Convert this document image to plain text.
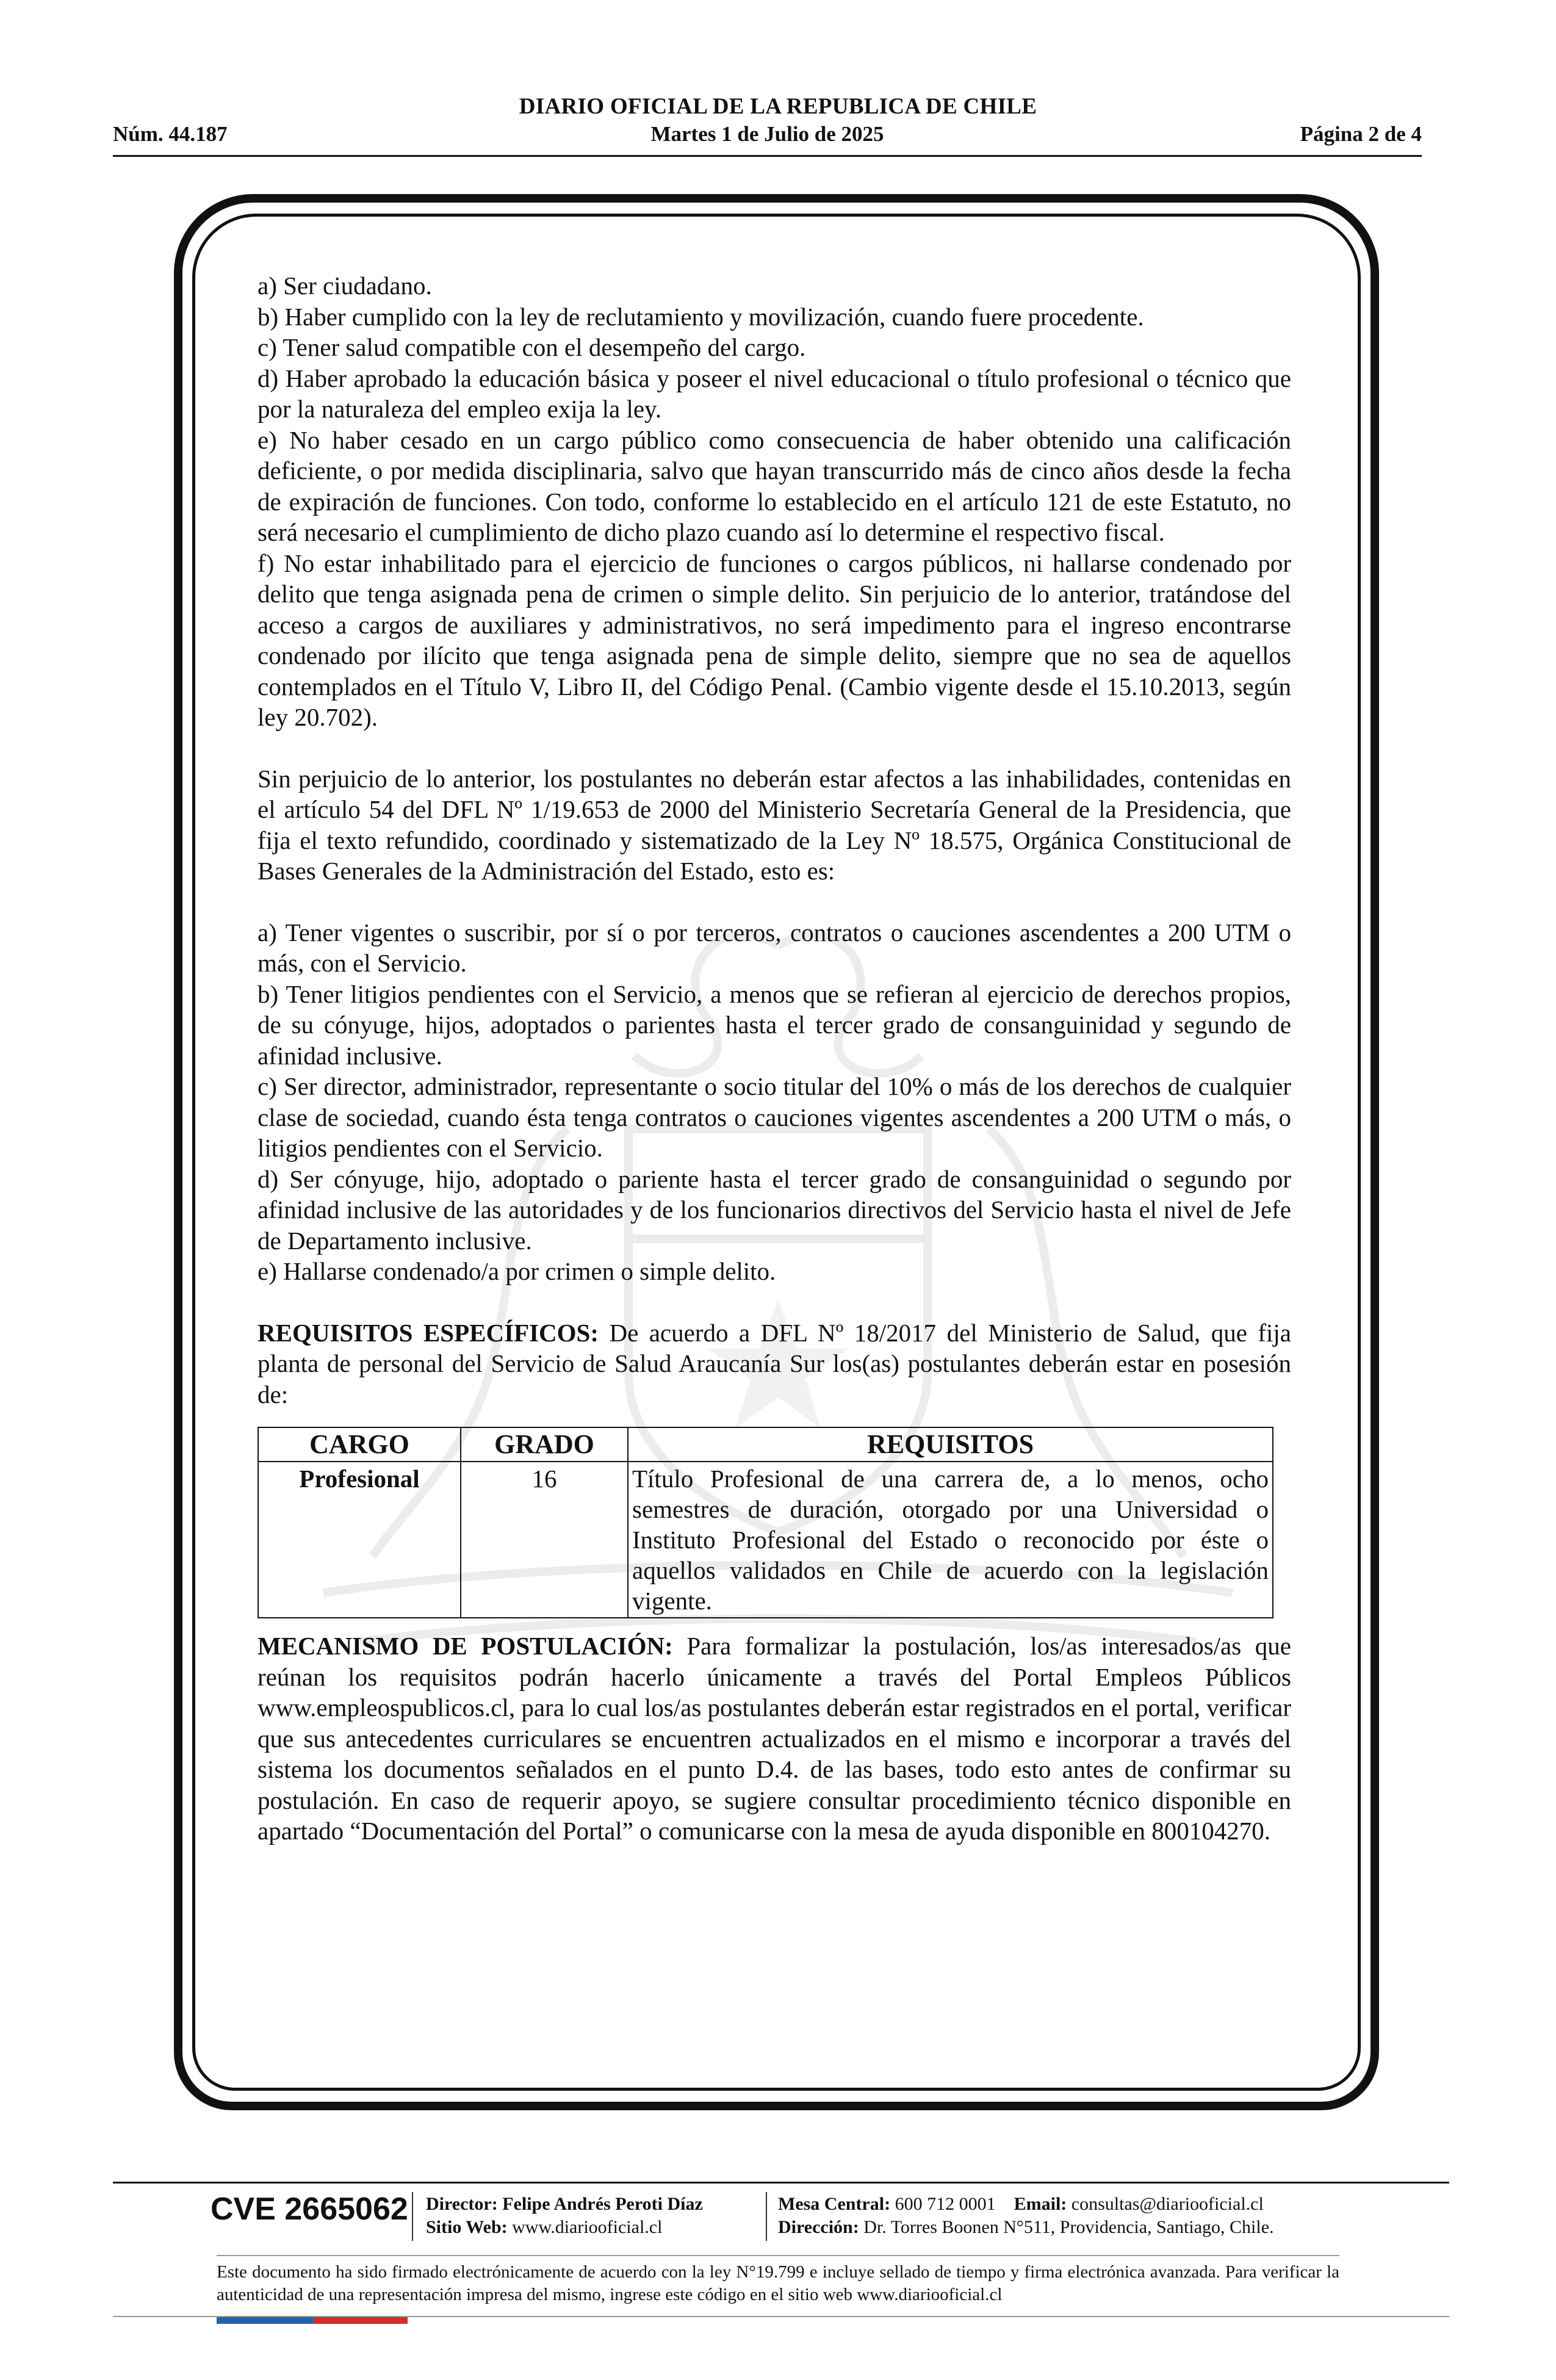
DIARIO OFICIAL DE LA REPUBLICA DE CHILE
Núm. 44.187	Martes 1 de Julio de 2025	Página 2 de 4

a) Ser ciudadano.

b) Haber cumplido con la ley de reclutamiento y movilización, cuando fuere procedente.

c) Tener salud compatible con el desempeño del cargo.

d) Haber aprobado la educación básica y poseer el nivel educacional o título profesional o técnico que por la naturaleza del empleo exija la ley.

e) No haber cesado en un cargo público como consecuencia de haber obtenido una calificación deficiente, o por medida disciplinaria, salvo que hayan transcurrido más de cinco años desde la fecha de expiración de funciones. Con todo, conforme lo establecido en el artículo 121 de este Estatuto, no será necesario el cumplimiento de dicho plazo cuando así lo determine el respectivo fiscal.

f) No estar inhabilitado para el ejercicio de funciones o cargos públicos, ni hallarse condenado por delito que tenga asignada pena de crimen o simple delito. Sin perjuicio de lo anterior, tratándose del acceso a cargos de auxiliares y administrativos, no será impedimento para el ingreso encontrarse condenado por ilícito que tenga asignada pena de simple delito, siempre que no sea de aquellos contemplados en el Título V, Libro II, del Código Penal. (Cambio vigente desde el 15.10.2013, según ley 20.702).

Sin perjuicio de lo anterior, los postulantes no deberán estar afectos a las inhabilidades, contenidas en el artículo 54 del DFL Nº 1/19.653 de 2000 del Ministerio Secretaría General de la Presidencia, que fija el texto refundido, coordinado y sistematizado de la Ley Nº 18.575, Orgánica Constitucional de Bases Generales de la Administración del Estado, esto es:

a) Tener vigentes o suscribir, por sí o por terceros, contratos o cauciones ascendentes a 200 UTM o más, con el Servicio.

b) Tener litigios pendientes con el Servicio, a menos que se refieran al ejercicio de derechos propios, de su cónyuge, hijos, adoptados o parientes hasta el tercer grado de consanguinidad y segundo de afinidad inclusive.

c) Ser director, administrador, representante o socio titular del 10% o más de los derechos de cualquier clase de sociedad, cuando ésta tenga contratos o cauciones vigentes ascendentes a 200 UTM o más, o litigios pendientes con el Servicio.

d) Ser cónyuge, hijo, adoptado o pariente hasta el tercer grado de consanguinidad o segundo por afinidad inclusive de las autoridades y de los funcionarios directivos del Servicio hasta el nivel de Jefe de Departamento inclusive.

e) Hallarse condenado/a por crimen o simple delito.

REQUISITOS ESPECÍFICOS: De acuerdo a DFL Nº 18/2017 del Ministerio de Salud, que fija planta de personal del Servicio de Salud Araucanía Sur los(as) postulantes deberán estar en posesión de:

CARGO	GRADO	REQUISITOS
Profesional	16	Título Profesional de una carrera de, a lo menos, ocho semestres de duración, otorgado por una Universidad o Instituto Profesional del Estado o reconocido por éste o aquellos validados en Chile de acuerdo con la legislación vigente.

MECANISMO DE POSTULACIÓN: Para formalizar la postulación, los/as interesados/as que reúnan los requisitos podrán hacerlo únicamente a través del Portal Empleos Públicos www.empleospublicos.cl, para lo cual los/as postulantes deberán estar registrados en el portal, verificar que sus antecedentes curriculares se encuentren actualizados en el mismo e incorporar a través del sistema los documentos señalados en el punto D.4. de las bases, todo esto antes de confirmar su postulación. En caso de requerir apoyo, se sugiere consultar procedimiento técnico disponible en apartado “Documentación del Portal” o comunicarse con la mesa de ayuda disponible en 800104270.

CVE 2665062 Director: Felipe Andrés Peroti Díaz
Sitio Web: www.diariooficial.cl
Mesa Central: 600 712 0001 Email: consultas@diariooficial.cl
Dirección: Dr. Torres Boonen N°511, Providencia, Santiago, Chile.
Este documento ha sido firmado electrónicamente de acuerdo con la ley N°19.799 e incluye sellado de tiempo y firma electrónica avanzada. Para verificar la autenticidad de una representación impresa del mismo, ingrese este código en el sitio web www.diariooficial.cl
